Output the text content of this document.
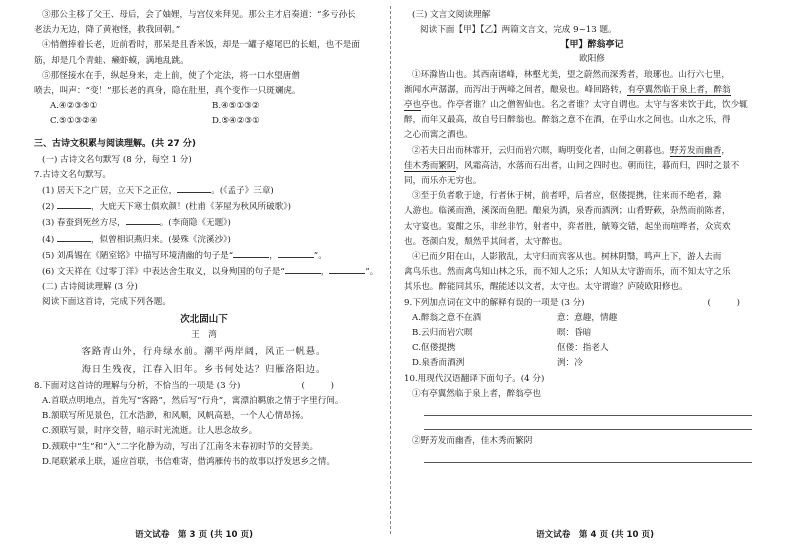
③那公主移了父王、母后，会了妯娌，与宫仪来拜见。那公主才启奏道：“多亏孙长
老法力无边，降了黄袍怪，救我回朝。”
④悄僧捧着长老，近前看时，那呆是且香米饭，却是一罐子瘪尾巴的长蛆，也不是面
筋，却是几个青蛙、癞虾蟆，满地乱跳。
⑤那怪接水在手，纵起身来，走上前，使了个定法，将一口水望唐僧
喷去，叫声：“变！”那长老的真身，隐在肚里，真个变作一只斑斓虎。
A.④②③⑤①	B.④⑤①③②
C.⑤①③②④	D.⑤④②③①
三、古诗文积累与阅读理解。(共 27 分)
(一) 古诗文名句默写 (8 分，每空 1 分)
7.古诗文名句默写。
(1) 居天下之广居，立天下之正位，	。(《孟子》三章)
(2)	，大庇天下寒士俱欢颜！(杜甫《茅屋为秋风所破歌》)
(3) 春蚕到死丝方尽，	。(李商隐《无题》)
(4)	，似曾相识燕归来。(晏殊《浣溪沙》)
(5) 刘禹锡在《陋室铭》中描写环境清幽的句子是“	，	”。
(6) 文天祥在《过零丁洋》中表达舍生取义，以身殉国的句子是“	，	”。
(二) 古诗阅读理解 (3 分)
阅读下面这首诗，完成下列各题。
次北固山下
王　湾
客路青山外，行舟绿水前。潮平两岸阔，风正一帆悬。
海日生残夜，江春入旧年。乡书何处达？归雁洛阳边。
8.下面对这首诗的理解与分析，不恰当的一项是 (3 分)	(　　　)
A.首联点明地点，首先写“客路”，然后写“行舟”，寓漂泊羁旅之情于字里行间。
B.颔联写所见景色，江水浩渺，和风顺，风帆高悬，一个人心情昂扬。
C.颈联写景，时序交替，暗示时光流逝。让人思念故乡。
D.颈联中“生”和“入”二字化静为动，写出了江南冬末春初时节的交替美。
D.尾联紧承上联，遥应首联，书信难寄，借鸿雁传书的故事以抒发思乡之情。
语文试卷　第 3 页 (共 10 页)
(三) 文言文阅读理解
阅读下面【甲】【乙】两篇文言文，完成 9~13 题。
【甲】醉翁亭记
欧阳修
①环滁皆山也。其西南诸峰，林壑尤美，望之蔚然而深秀者，琅琊也。山行六七里，
渐闻水声潺潺，而泻出于两峰之间者，酿泉也。峰回路转，有亭翼然临于泉上者，醉翁
亭也亭也。作亭者谁？山之僧智仙也。名之者谁？太守自谓也。太守与客来饮于此，饮少辄
醉，而年又最高，故自号曰醉翁也。醉翁之意不在酒，在乎山水之间也。山水之乐，得
之心而寓之酒也。
②若夫日出而林霏开，云归而岩穴暝，晦明变化者，山间之朝暮也。野芳发而幽香，
佳木秀而繁阴，风霜高洁，水落而石出者，山间之四时也。朝而往，暮而归，四时之景不
同，而乐亦无穷也。
③至于负者歌于途，行者休于树，前者呼，后者应，伛偻提携，往来而不绝者，滁
人游也。临溪而渔，溪深而鱼肥。酿泉为酒，泉香而酒洌；山肴野蔌，杂然而前陈者，
太守宴也。宴酣之乐，非丝非竹，射者中，弈者胜，觥筹交错，起坐而喧哗者，众宾欢
也。苍颜白发，颓然乎其间者，太守醉也。
④已而夕阳在山，人影散乱，太守归而宾客从也。树林阴翳，鸣声上下，游人去而
禽鸟乐也。然而禽鸟知山林之乐，而不知人之乐；人知从太守游而乐，而不知太守之乐
其乐也。醉能同其乐，醒能述以文者，太守也。太守谓谁？庐陵欧阳修也。
9.下列加点词在文中的解释有误的一项是 (3 分)	(　　　)
A.醉翁之意不在酒	意：意趣，情趣
B.云归而岩穴暝	暝：昏暗
C.伛偻提携	伛偻：指老人
D.泉香而酒洌	洌：冷
10.用现代汉语翻译下面句子。(4 分)
①有亭翼然临于泉上者，醉翁亭也
②野芳发而幽香，佳木秀而繁阴
语文试卷　第 4 页 (共 10 页)
